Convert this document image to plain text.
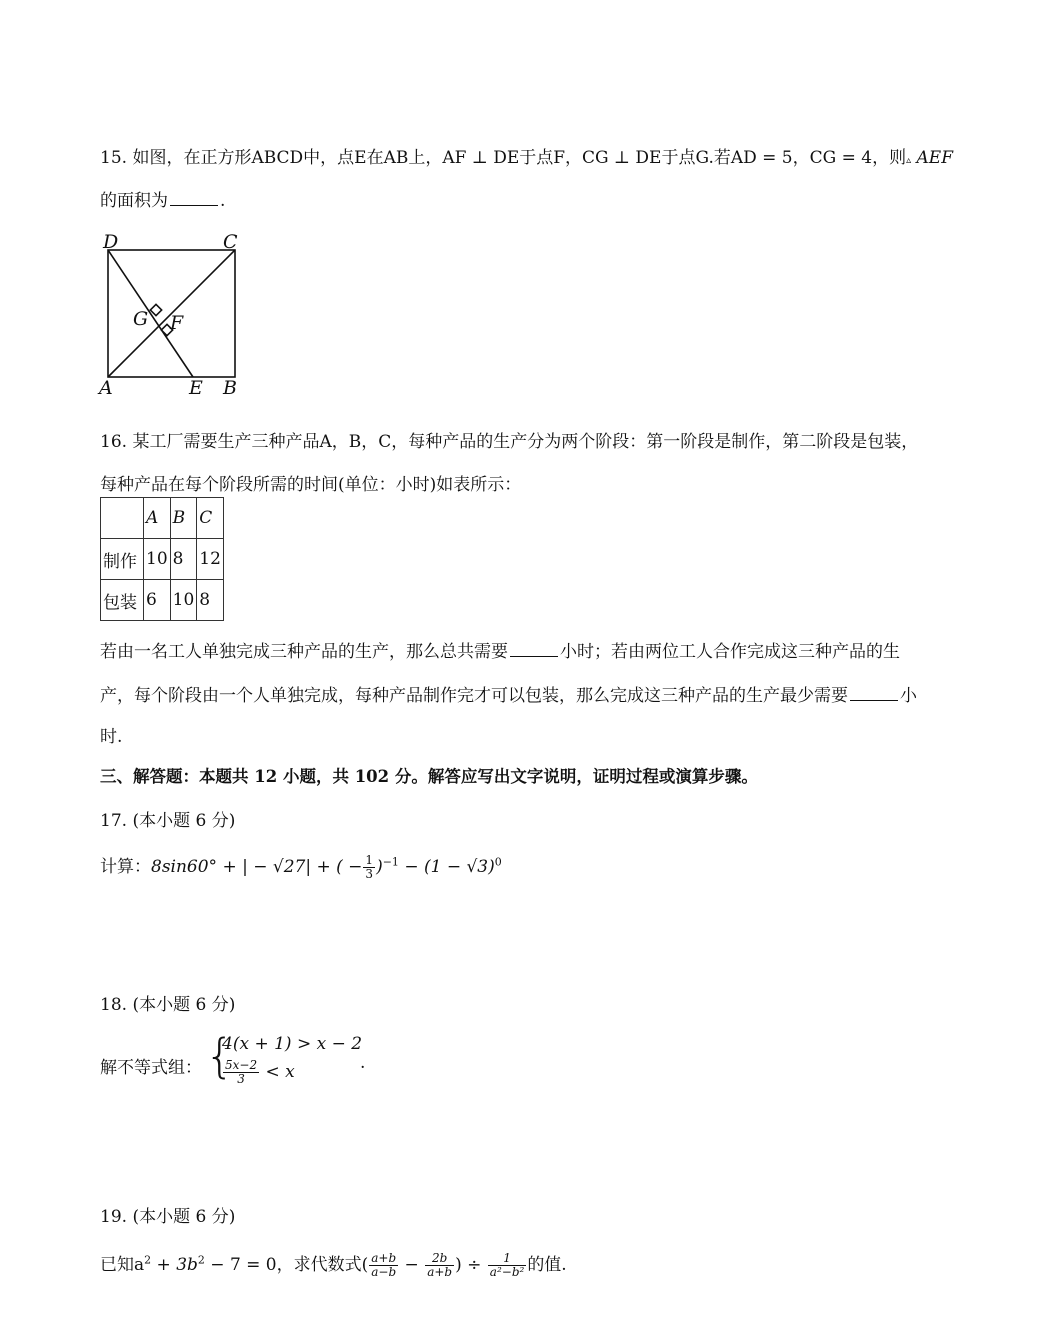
15. 如图，在正方形ABCD中，点E在AB上，AF ⊥ DE于点F，CG ⊥ DE于点G.若AD = 5，CG = 4，则▵ AEF
的面积为	.
D	C
G F
A	E B
16. 某工厂需要生产三种产品A，B，C，每种产品的生产分为两个阶段：第一阶段是制作，第二阶段是包装，
每种产品在每个阶段所需的时间(单位：小时)如表所示：
	A	B	C
制作	10	8	12
包装	6	10	8
若由一名工人单独完成三种产品的生产，那么总共需要	小时；若由两位工人合作完成这三种产品的生
产，每个阶段由一个人单独完成，每种产品制作完才可以包装，那么完成这三种产品的生产最少需要	小
时.
三、解答题：本题共 12 小题，共 102 分。解答应写出文字说明，证明过程或演算步骤。
17. (本小题 6 分)
计算：8sin60° + | − √27| + ( − $\frac{1}{3} )^{-1} - (1 - √3)^0$
18. (本小题 6 分)
解不等式组： {
4(x + 1) > x − 2
$\frac{5x-2}{3} < x$	.
19. (本小题 6 分)
已知$a^2 + 3b^2 - 7 = 0$，求代数式( $\frac{a+b}{a-b} - \frac{2b}{a+b}$ ) ÷ $\frac{1}{\text{a²−b²}}$ 的值.
